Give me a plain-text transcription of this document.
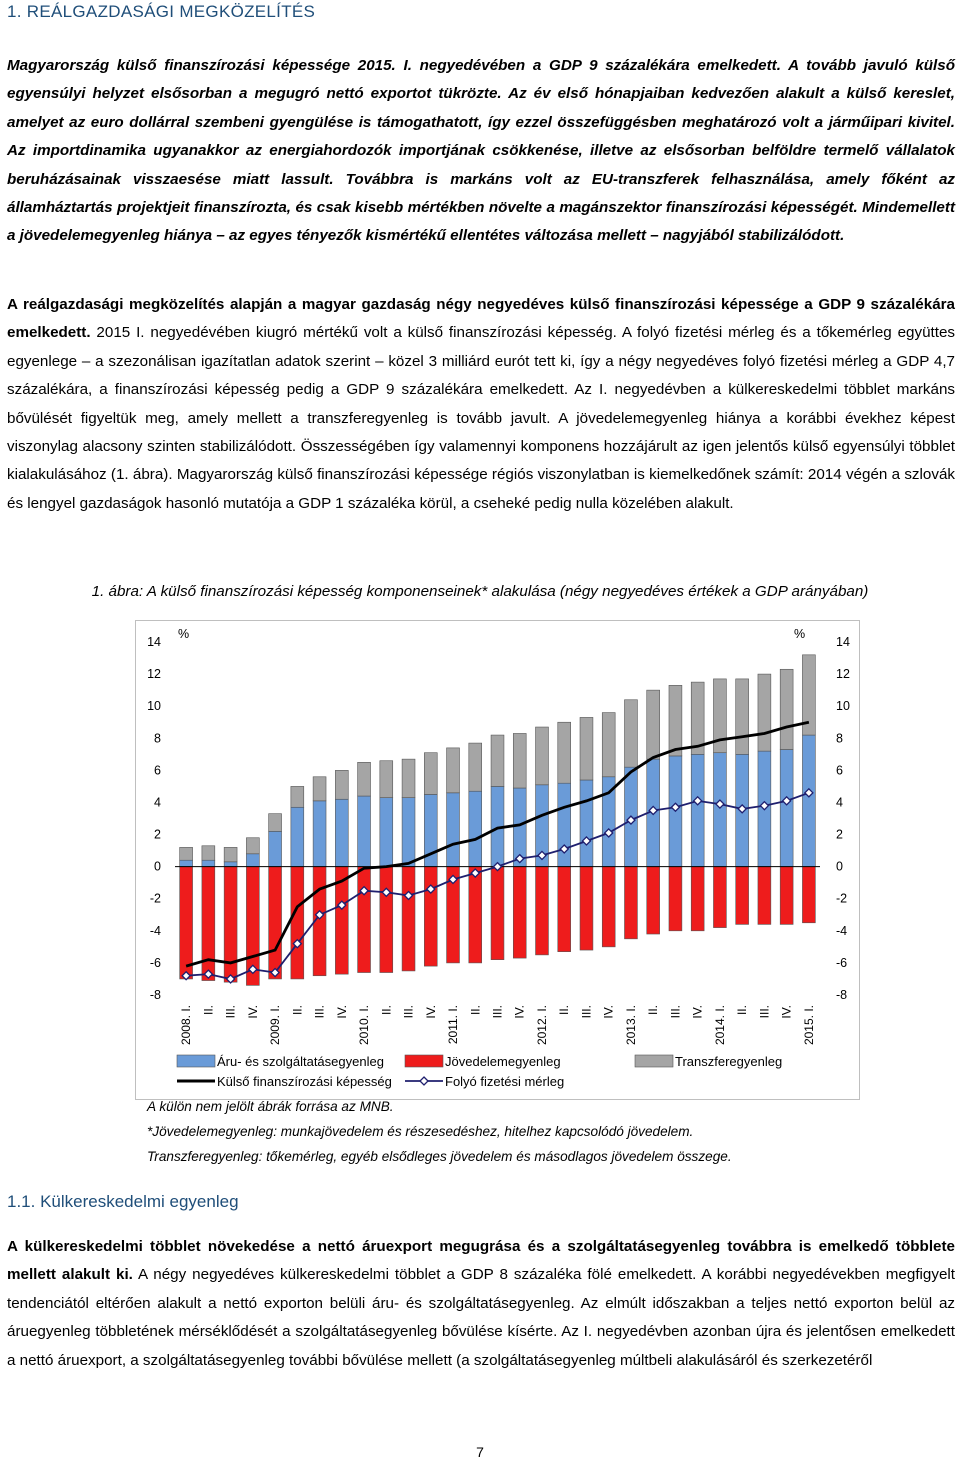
1. REÁLGAZDASÁGI MEGKÖZELÍTÉS
Magyarország külső finanszírozási képessége 2015. I. negyedévében a GDP 9 százalékára emelkedett. A tovább javuló külső egyensúlyi helyzet elsősorban a megugró nettó exportot tükrözte. Az év első hónapjaiban kedvezően alakult a külső kereslet, amelyet az euro dollárral szembeni gyengülése is támogathatott, így ezzel összefüggésben meghatározó volt a járműipari kivitel. Az importdinamika ugyanakkor az energiahordozók importjának csökkenése, illetve az elsősorban belföldre termelő vállalatok beruházásainak visszaesése miatt lassult. Továbbra is markáns volt az EU-transzferek felhasználása, amely főként az államháztartás projektjeit finanszírozta, és csak kisebb mértékben növelte a magánszektor finanszírozási képességét. Mindemellett a jövedelemegyenleg hiánya – az egyes tényezők kismértékű ellentétes változása mellett – nagyjából stabilizálódott.
A reálgazdasági megközelítés alapján a magyar gazdaság négy negyedéves külső finanszírozási képessége a GDP 9 százalékára emelkedett. 2015 I. negyedévében kiugró mértékű volt a külső finanszírozási képesség. A folyó fizetési mérleg és a tőkemérleg együttes egyenlege – a szezonálisan igazítatlan adatok szerint – közel 3 milliárd eurót tett ki, így a négy negyedéves folyó fizetési mérleg a GDP 4,7 százalékára, a finanszírozási képesség pedig a GDP 9 százalékára emelkedett. Az I. negyedévben a külkereskedelmi többlet markáns bővülését figyeltük meg, amely mellett a transzferegyenleg is tovább javult. A jövedelemegyenleg hiánya a korábbi évekhez képest viszonylag alacsony szinten stabilizálódott. Összességében így valamennyi komponens hozzájárult az igen jelentős külső egyensúlyi többlet kialakulásához (1. ábra). Magyarország külső finanszírozási képessége régiós viszonylatban is kiemelkedőnek számít: 2014 végén a szlovák és lengyel gazdaságok hasonló mutatója a GDP 1 százaléka körül, a cseheké pedig nulla közelében alakult.
1. ábra: A külső finanszírozási képesség komponenseinek* alakulása (négy negyedéves értékek a GDP arányában)
14	14
12	12
10	10
8	8
6	6
4	4
2	2
0	0
-2	-2
-4	-4
-6	-6
-8	-8
%	%
2008. I. II. III. IV. 2009. I. II. III. IV. 2010. I. II. III. IV. 2011. I. II. III. IV. 2012. I. II. III. IV. 2013. I. II. III. IV. 2014. I. II. III. IV. 2015. I.
Áru- és szolgáltatásegyenleg	Jövedelemegyenleg	Transzferegyenleg
Külső finanszírozási képesség	Folyó fizetési mérleg
A külön nem jelölt ábrák forrása az MNB.
*Jövedelemegyenleg: munkajövedelem és részesedéshez, hitelhez kapcsolódó jövedelem.
Transzferegyenleg: tőkemérleg, egyéb elsődleges jövedelem és másodlagos jövedelem összege.
1.1. Külkereskedelmi egyenleg
A külkereskedelmi többlet növekedése a nettó áruexport megugrása és a szolgáltatásegyenleg továbbra is emelkedő többlete mellett alakult ki. A négy negyedéves külkereskedelmi többlet a GDP 8 százaléka fölé emelkedett. A korábbi negyedévekben megfigyelt tendenciától eltérően alakult a nettó exporton belüli áru- és szolgáltatásegyenleg. Az elmúlt időszakban a teljes nettó exporton belül az áruegyenleg többletének mérséklődését a szolgáltatásegyenleg bővülése kísérte. Az I. negyedévben azonban újra és jelentősen emelkedett a nettó áruexport, a szolgáltatásegyenleg további bővülése mellett (a szolgáltatásegyenleg múltbeli alakulásáról és szerkezetéről
7
